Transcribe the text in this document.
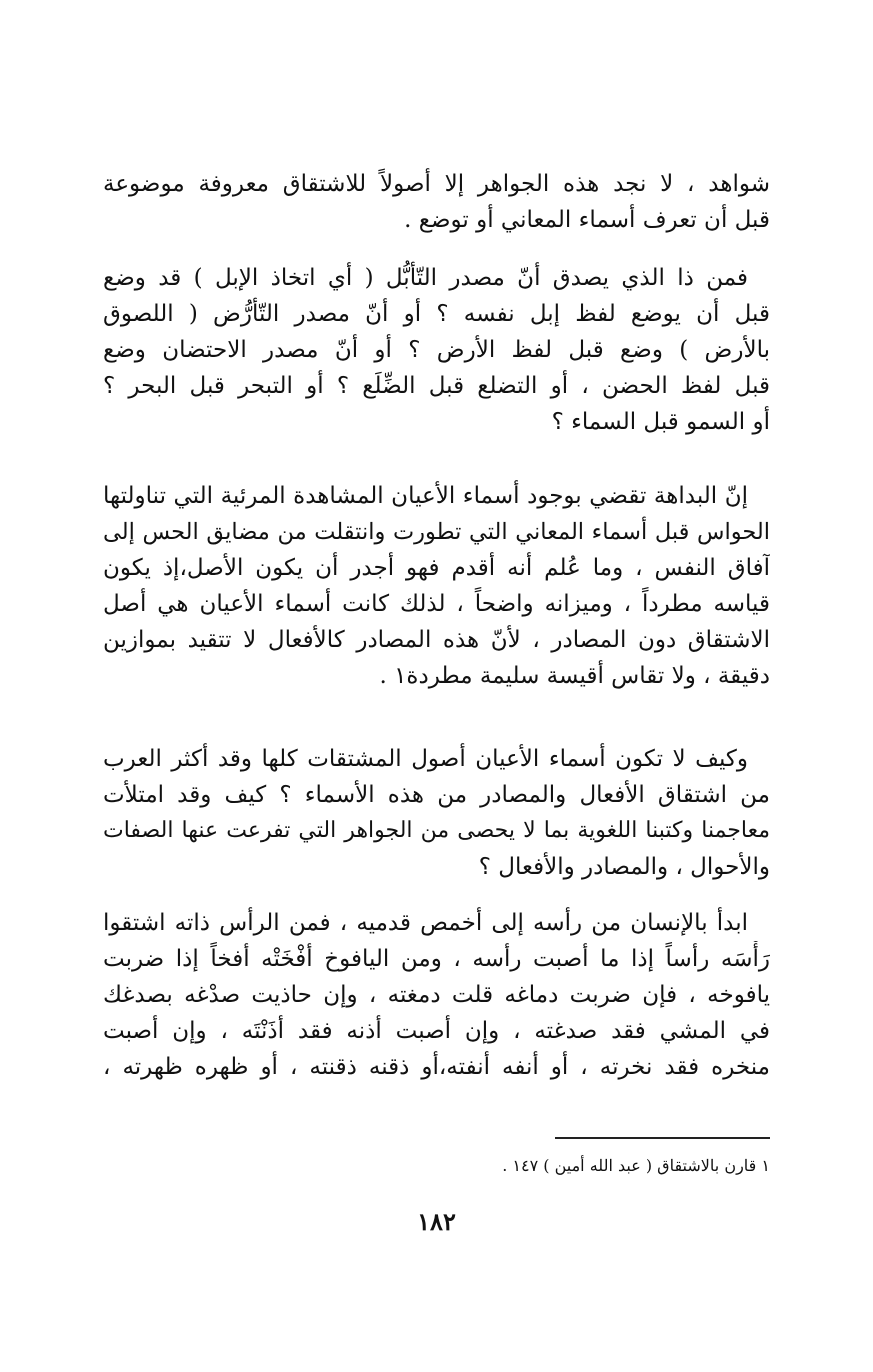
شواهد ، لا نجد هذه الجواهر إلا أصولاً للاشتقاق معروفة موضوعة
قبل أن تعرف أسماء المعاني أو توضع .
فمن ذا الذي يصدق أنّ مصدر التّأبُّل ( أي اتخاذ الإبل ) قد وضع
قبل أن يوضع لفظ إبل نفسه ؟ أو أنّ مصدر التّأرُّض ( اللصوق
بالأرض ) وضع قبل لفظ الأرض ؟ أو أنّ مصدر الاحتضان وضع
قبل لفظ الحضن ، أو التضلع قبل الضِّلَع ؟ أو التبحر قبل البحر ؟
أو السمو قبل السماء ؟
إنّ البداهة تقضي بوجود أسماء الأعيان المشاهدة المرئية التي تناولتها
الحواس قبل أسماء المعاني التي تطورت وانتقلت من مضايق الحس إلى
آفاق النفس ، وما عُلم أنه أقدم فهو أجدر أن يكون الأصل،إذ يكون
قياسه مطرداً ، وميزانه واضحاً ، لذلك كانت أسماء الأعيان هي أصل
الاشتقاق دون المصادر ، لأنّ هذه المصادر كالأفعال لا تتقيد بموازين
دقيقة ، ولا تقاس أقيسة سليمة مطردة١ .
وكيف لا تكون أسماء الأعيان أصول المشتقات كلها وقد أكثر العرب
من اشتقاق الأفعال والمصادر من هذه الأسماء ؟ كيف وقد امتلأت
معاجمنا وكتبنا اللغوية بما لا يحصى من الجواهر التي تفرعت عنها الصفات
والأحوال ، والمصادر والأفعال ؟
ابدأ بالإنسان من رأسه إلى أخمص قدميه ، فمن الرأس ذاته اشتقوا
رَأْسَه رأساً إذا ما أصبت رأسه ، ومن اليافوخ أفْخَتْه أفخاً إذا ضربت
يافوخه ، فإن ضربت دماغه قلت دمغته ، وإن حاذيت صدْغه بصدغك
في المشي فقد صدغته ، وإن أصبت أذنه فقد أذَنْتَه ، وإن أصبت
منخره فقد نخرته ، أو أنفه أنفته،أو ذقنه ذقنته ، أو ظهره ظهرته ،
١ قارن بالاشتقاق ( عبد الله أمين ) ١٤٧ .
١٨٢
